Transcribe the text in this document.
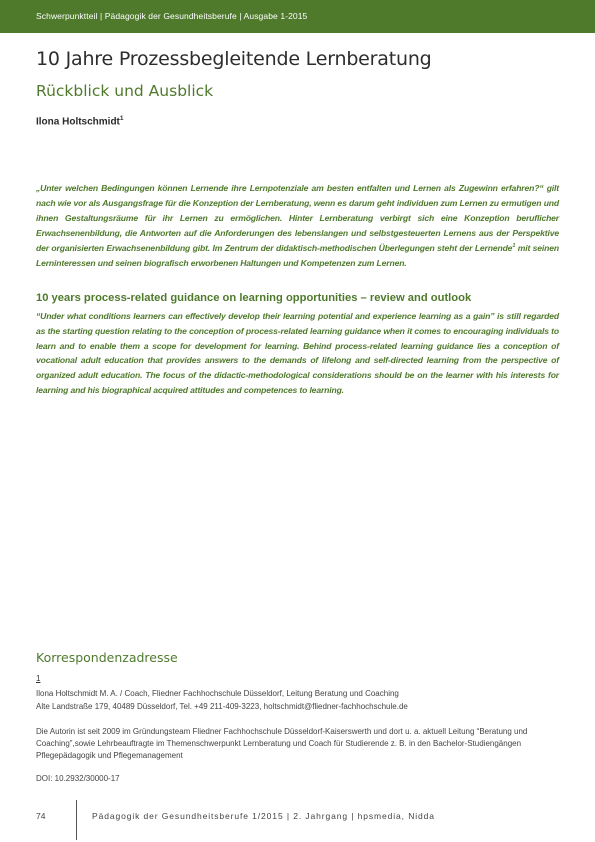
Schwerpunktteil | Pädagogik der Gesundheitsberufe | Ausgabe 1-2015
10 Jahre Prozessbegleitende Lernberatung
Rückblick und Ausblick
Ilona Holtschmidt$^1$

„Unter welchen Bedingungen können Lernende ihre Lernpotenziale am besten entfalten und Lernen als Zugewinn erfahren?“ gilt nach wie vor als Ausgangsfrage für die Konzeption der Lernberatung, wenn es darum geht individuen zum Lernen zu ermutigen und ihnen Gestaltungsräume für ihr Lernen zu ermöglichen. Hinter Lernberatung verbirgt sich eine Konzeption beruflicher Erwachsenenbildung, die Antworten auf die Anforderungen des lebenslangen und selbstgesteuerten Lernens aus der Perspektive der organisierten Erwachsenenbildung gibt. Im Zentrum der didaktisch-methodischen Überlegungen steht der Lernende$^1$ mit seinen Lerninteressen und seinen biografisch erworbenen Haltungen und Kompetenzen zum Lernen.

10 years process-related guidance on learning opportunities – review and outlook

“Under what conditions learners can effectively develop their learning potential and experience learning as a gain” is still regarded as the starting question relating to the conception of process-related learning guidance when it comes to encouraging individuals to learn and to enable them a scope for development for learning. Behind process-related learning guidance lies a conception of vocational adult education that provides answers to the demands of lifelong and self-directed learning from the perspective of organized adult education. The focus of the didactic-methodological considerations should be on the learner with his interests for learning and his biographical acquired attitudes and competences to learning.

Korrespondenzadresse
1
Ilona Holtschmidt M. A. / Coach, Fliedner Fachhochschule Düsseldorf, Leitung Beratung und Coaching
Alte Landstraße 179, 40489 Düsseldorf, Tel. +49 211-409-3223, holtschmidt@fliedner-fachhochschule.de

Die Autorin ist seit 2009 im Gründungsteam Fliedner Fachhochschule Düsseldorf-Kaiserswerth und dort u. a. aktuell Leitung “Beratung und Coaching”,sowie Lehrbeauftragte im Themenschwerpunkt Lernberatung und Coach für Studierende z. B. in den Bachelor-Studiengängen Pflegepädagogik und Pflegemanagement

DOI: 10.2932/30000-17
74	Pädagogik der Gesundheitsberufe 1/2015 | 2. Jahrgang | hpsmedia, Nidda
